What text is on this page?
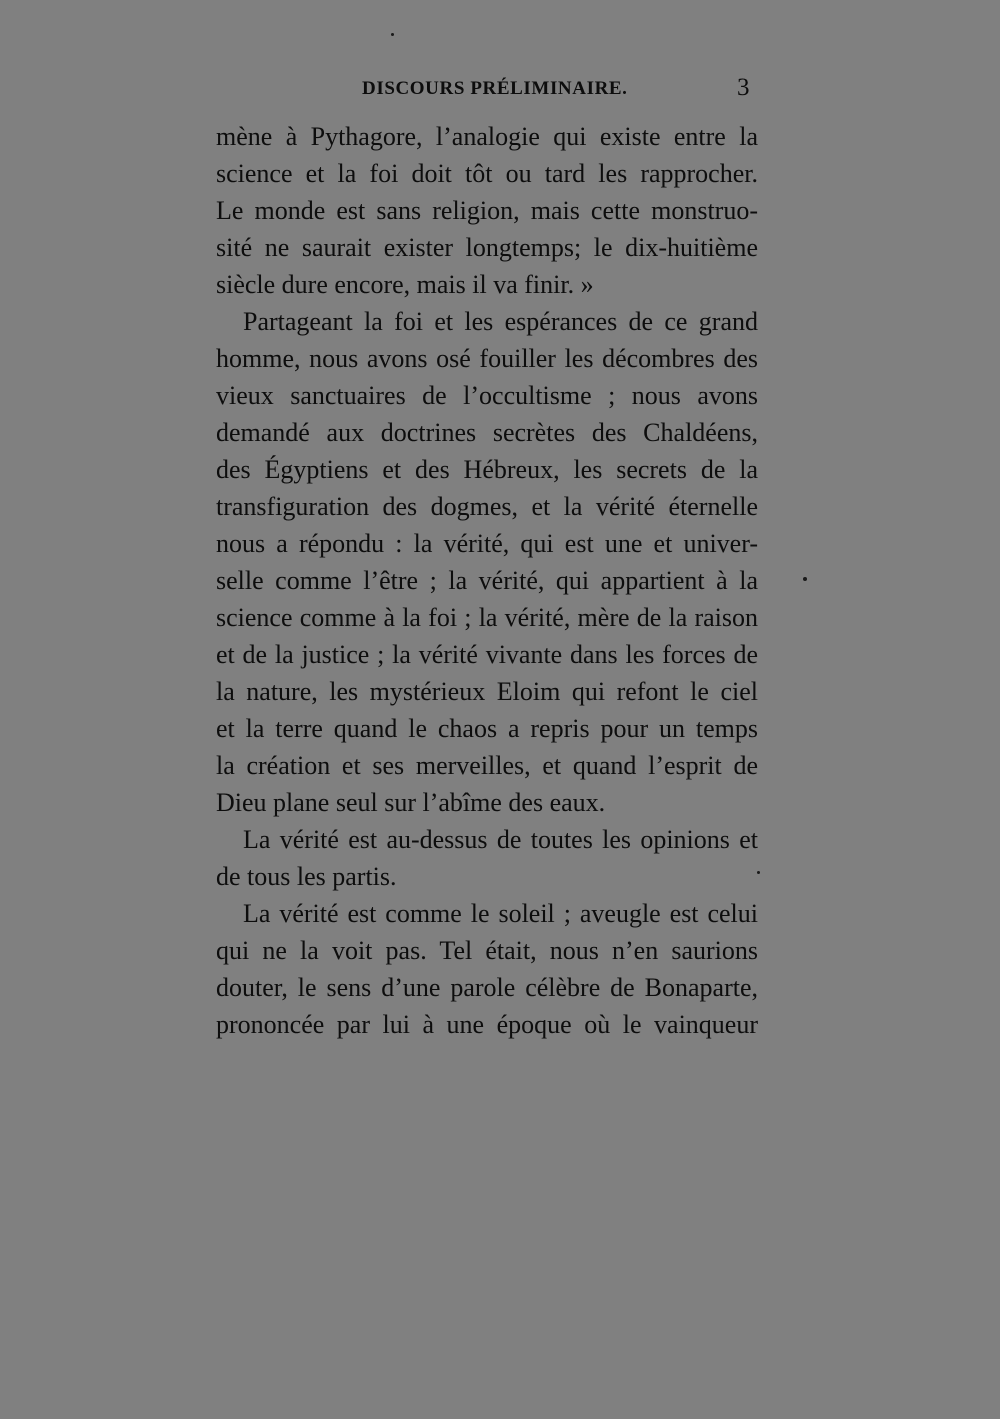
DISCOURS PRÉLIMINAIRE.	3
mène à Pythagore, l’analogie qui existe entre la
science et la foi doit tôt ou tard les rapprocher.
Le monde est sans religion, mais cette monstruo-
sité ne saurait exister longtemps; le dix-huitième
siècle dure encore, mais il va finir. »
Partageant la foi et les espérances de ce grand
homme, nous avons osé fouiller les décombres des
vieux sanctuaires de l’occultisme ; nous avons
demandé aux doctrines secrètes des Chaldéens,
des Égyptiens et des Hébreux, les secrets de la
transfiguration des dogmes, et la vérité éternelle
nous a répondu : la vérité, qui est une et univer-
selle comme l’être ; la vérité, qui appartient à la
science comme à la foi ; la vérité, mère de la raison
et de la justice ; la vérité vivante dans les forces de
la nature, les mystérieux Eloim qui refont le ciel
et la terre quand le chaos a repris pour un temps
la création et ses merveilles, et quand l’esprit de
Dieu plane seul sur l’abîme des eaux.
La vérité est au-dessus de toutes les opinions et
de tous les partis.
La vérité est comme le soleil ; aveugle est celui
qui ne la voit pas. Tel était, nous n’en saurions
douter, le sens d’une parole célèbre de Bonaparte,
prononcée par lui à une époque où le vainqueur
